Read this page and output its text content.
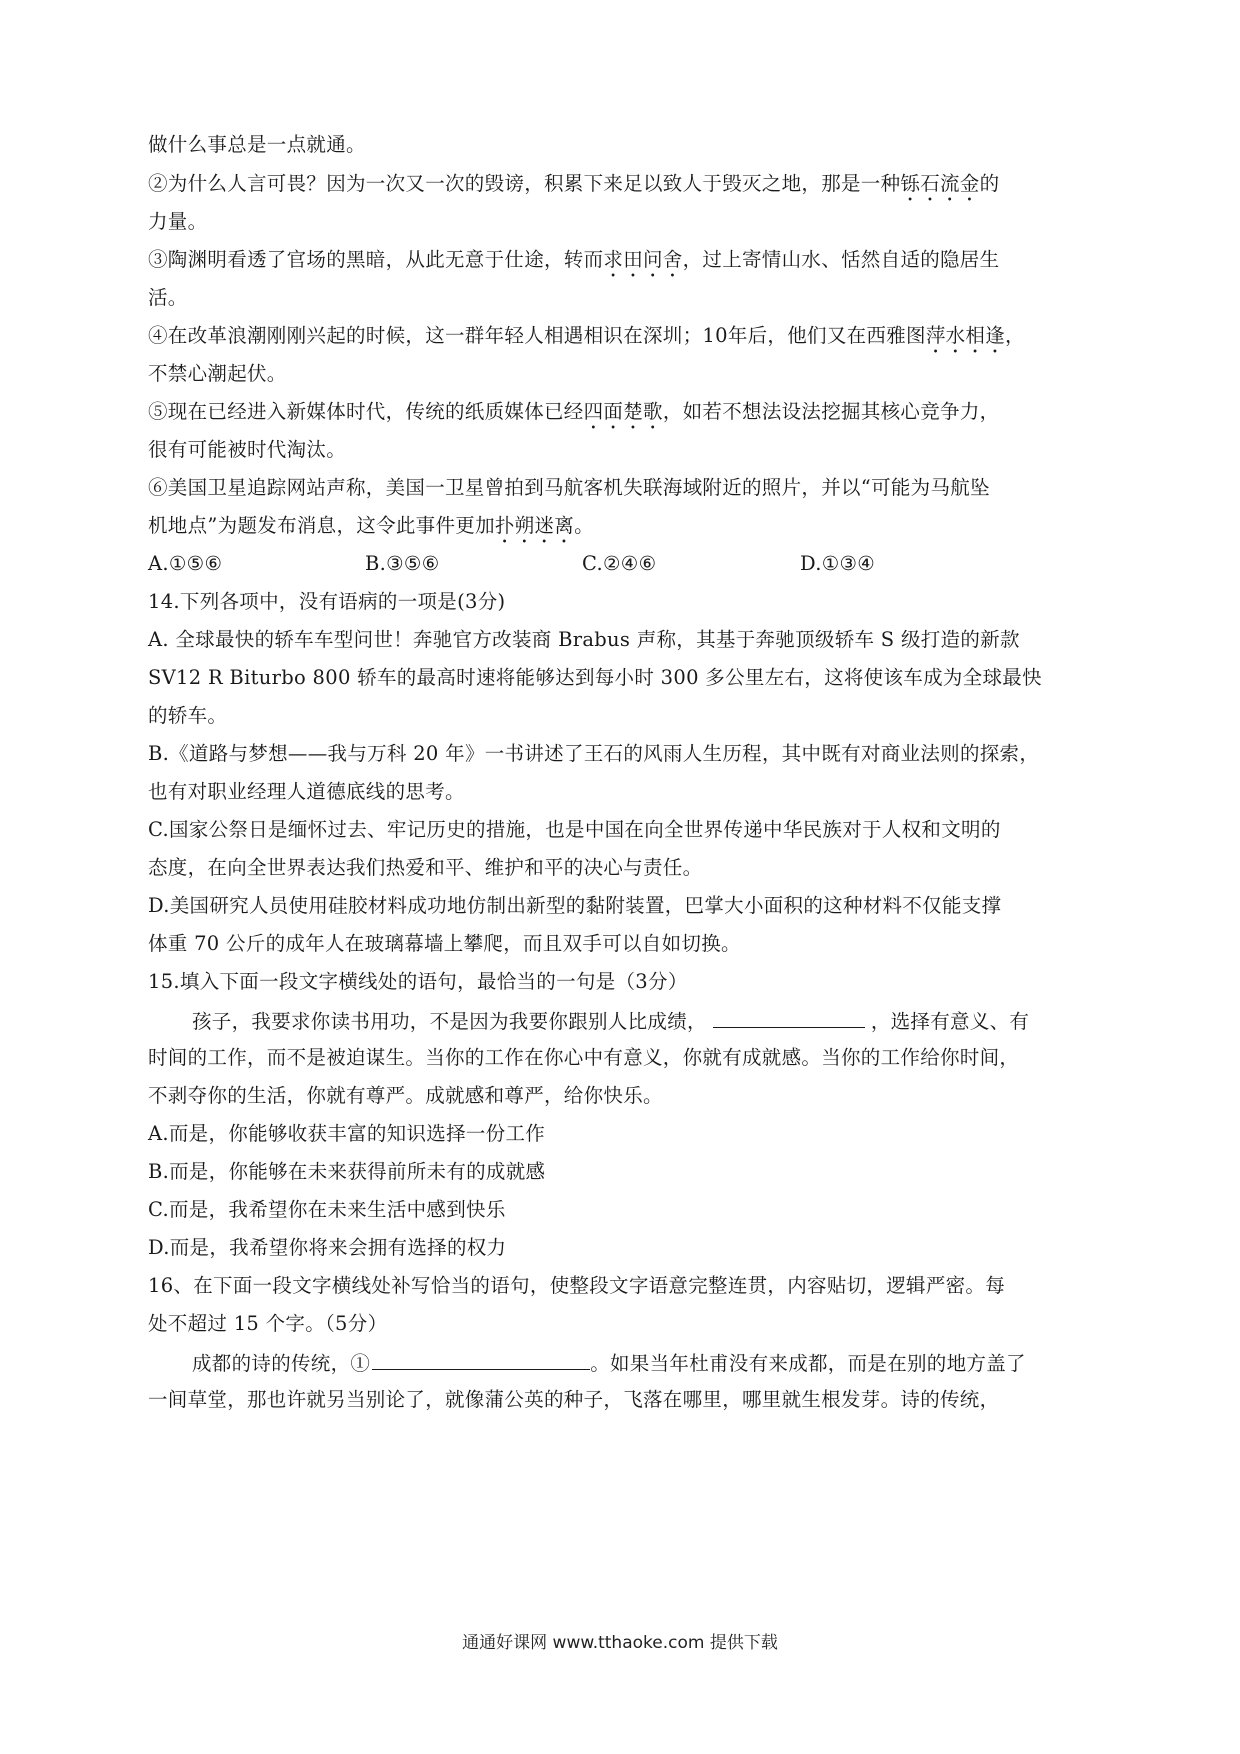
做什么事总是一点就通。
②为什么人言可畏？因为一次又一次的毁谤，积累下来足以致人于毁灭之地，那是一种铄石流金的
力量。
③陶渊明看透了官场的黑暗，从此无意于仕途，转而求田问舍，过上寄情山水、恬然自适的隐居生
活。
④在改革浪潮刚刚兴起的时候，这一群年轻人相遇相识在深圳；10年后，他们又在西雅图萍水相逢，
不禁心潮起伏。
⑤现在已经进入新媒体时代，传统的纸质媒体已经四面楚歌，如若不想法设法挖掘其核心竞争力，
很有可能被时代淘汰。
⑥美国卫星追踪网站声称，美国一卫星曾拍到马航客机失联海域附近的照片，并以“可能为马航坠
机地点”为题发布消息，这令此事件更加扑朔迷离。
A.①⑤⑥	B.③⑤⑥	C.②④⑥	D.①③④
14.下列各项中，没有语病的一项是(3分)
A. 全球最快的轿车车型问世！奔驰官方改装商 Brabus 声称，其基于奔驰顶级轿车 S 级打造的新款
SV12 R Biturbo 800 轿车的最高时速将能够达到每小时 300 多公里左右，这将使该车成为全球最快
的轿车。
B.《道路与梦想——我与万科 20 年》一书讲述了王石的风雨人生历程，其中既有对商业法则的探索，
也有对职业经理人道德底线的思考。
C.国家公祭日是缅怀过去、牢记历史的措施，也是中国在向全世界传递中华民族对于人权和文明的
态度，在向全世界表达我们热爱和平、维护和平的决心与责任。
D.美国研究人员使用硅胶材料成功地仿制出新型的黏附装置，巴掌大小面积的这种材料不仅能支撑
体重 70 公斤的成年人在玻璃幕墙上攀爬，而且双手可以自如切换。
15.填入下面一段文字横线处的语句，最恰当的一句是（3分）
孩子，我要求你读书用功，不是因为我要你跟别人比成绩，	，选择有意义、有
时间的工作，而不是被迫谋生。当你的工作在你心中有意义，你就有成就感。当你的工作给你时间，
不剥夺你的生活，你就有尊严。成就感和尊严，给你快乐。
A.而是，你能够收获丰富的知识选择一份工作
B.而是，你能够在未来获得前所未有的成就感
C.而是，我希望你在未来生活中感到快乐
D.而是，我希望你将来会拥有选择的权力
16、在下面一段文字横线处补写恰当的语句，使整段文字语意完整连贯，内容贴切，逻辑严密。每
处不超过 15 个字。（5分）
成都的诗的传统，①	。如果当年杜甫没有来成都，而是在别的地方盖了
一间草堂，那也许就另当别论了，就像蒲公英的种子，飞落在哪里，哪里就生根发芽。诗的传统，
通通好课网 www.tthaoke.com 提供下载
